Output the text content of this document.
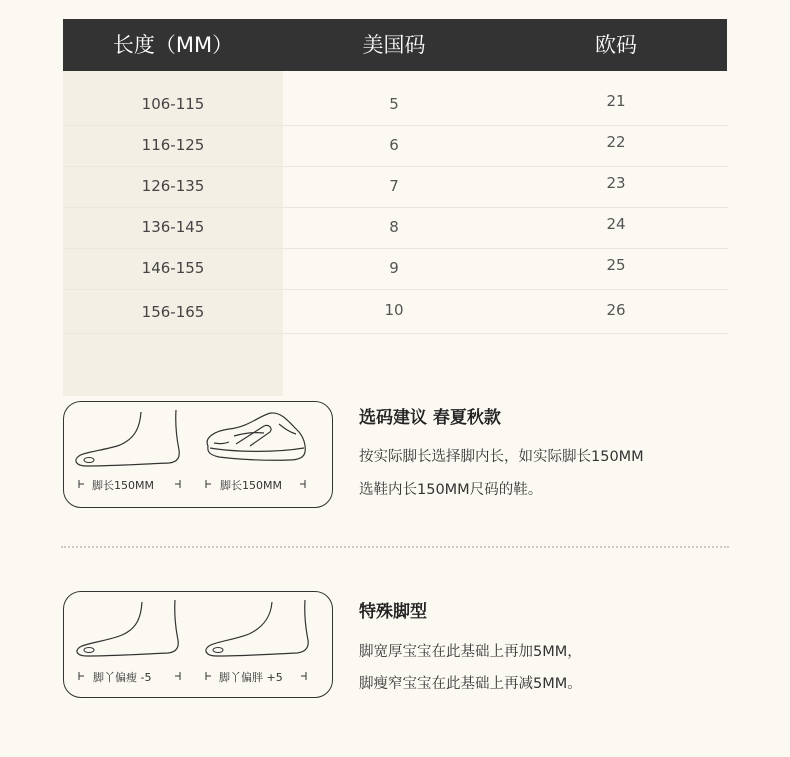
长度（MM）	美国码	欧码
106-115	5	21
116-125	6	22
126-135	7	23
136-145	8	24
146-155	9	25
156-165	10	26
脚长150MM	脚长150MM
选码建议 春夏秋款
按实际脚长选择脚内长，如实际脚长150MM
选鞋内长150MM尺码的鞋。
脚丫偏瘦 -5	脚丫偏胖 +5
特殊脚型
脚宽厚宝宝在此基础上再加5MM，
脚瘦窄宝宝在此基础上再减5MM。
